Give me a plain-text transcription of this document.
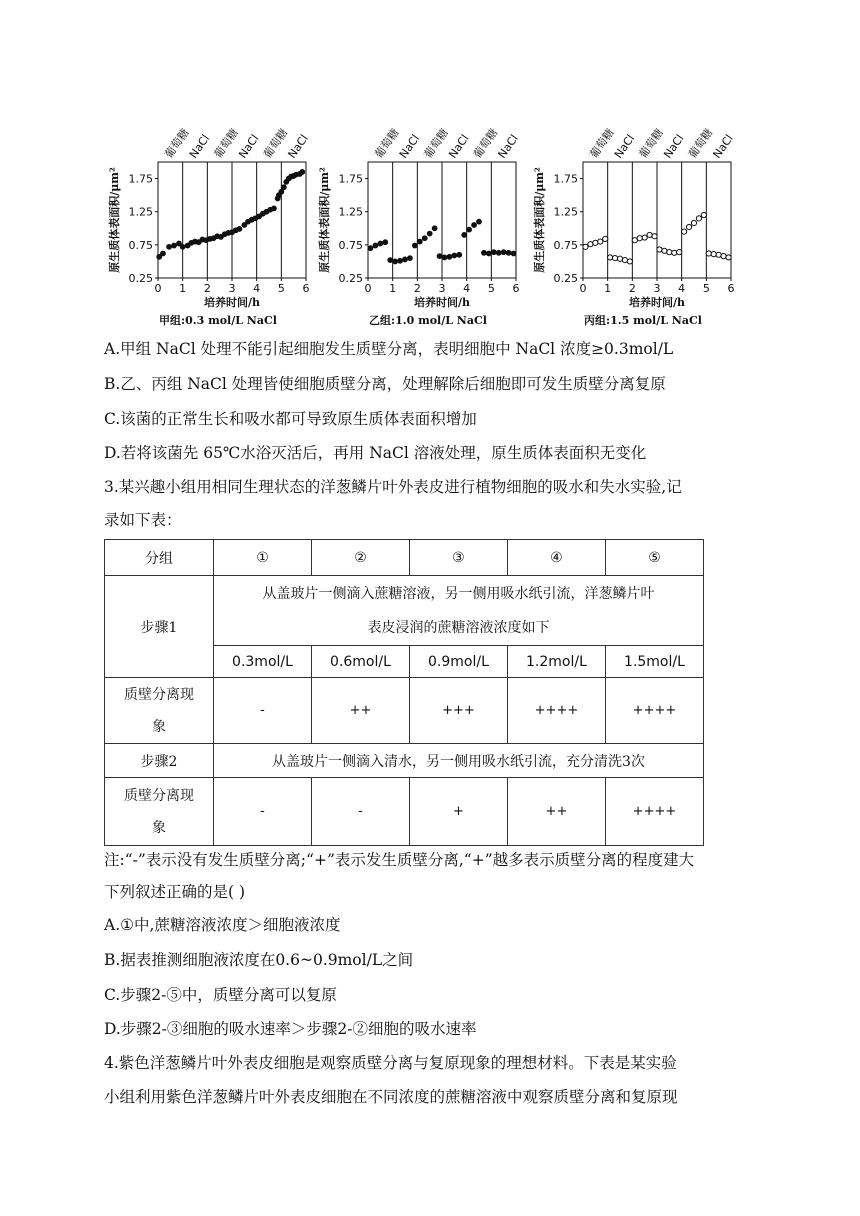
葡萄糖
NaCl 葡萄糖
NaCl 葡萄糖
NaCl
0 1 2 3 4 5 6
0.25
0.75
1.25
1.75
培养时间/h
原生质体表面积/μm²
甲组:0.3 mol/L NaCl
葡萄糖
NaCl 葡萄糖
NaCl 葡萄糖
NaCl
0 1 2 3 4 5 6
0.25
0.75
1.25
1.75
培养时间/h
原生质体表面积/μm²
乙组:1.0 mol/L NaCl
葡萄糖
NaCl 葡萄糖
NaCl 葡萄糖
NaCl
0 1 2 3 4 5 6
0.25
0.75
1.25
1.75
培养时间/h
原生质体表面积/μm²
丙组:1.5 mol/L NaCl
A.甲组 NaCl 处理不能引起细胞发生质壁分离，表明细胞中 NaCl 浓度≥0.3mol/L
B.乙、丙组 NaCl 处理皆使细胞质壁分离，处理解除后细胞即可发生质壁分离复原
C.该菌的正常生长和吸水都可导致原生质体表面积增加
D.若将该菌先 65℃水浴灭活后，再用 NaCl 溶液处理，原生质体表面积无变化
3.某兴趣小组用相同生理状态的洋葱鳞片叶外表皮进行植物细胞的吸水和失水实验,记
录如下表：
分组	①	②	③	④	⑤
步骤1	从盖玻片一侧滴入蔗糖溶液，另一侧用吸水纸引流，洋葱鳞片叶
表皮浸润的蔗糖溶液浓度如下				

	0.3mol/L	0.6mol/L	0.9mol/L	1.2mol/L	1.5mol/L

质壁分离现
象	-	++	+++	++++	++++
步骤2	从盖玻片一侧滴入清水，另一侧用吸水纸引流，充分清洗3次				

质壁分离现
象	-	-	+	++	++++
注:“-”表示没有发生质壁分离;“+”表示发生质壁分离,“+”越多表示质壁分离的程度建大
下列叙述正确的是( )
A.①中,蔗糖溶液浓度＞细胞液浓度
B.据表推测细胞液浓度在0.6~0.9mol/L之间
C.步骤2-⑤中，质壁分离可以复原
D.步骤2-③细胞的吸水速率＞步骤2-②细胞的吸水速率
4.紫色洋葱鳞片叶外表皮细胞是观察质壁分离与复原现象的理想材料。下表是某实验
小组利用紫色洋葱鳞片叶外表皮细胞在不同浓度的蔗糖溶液中观察质壁分离和复原现
